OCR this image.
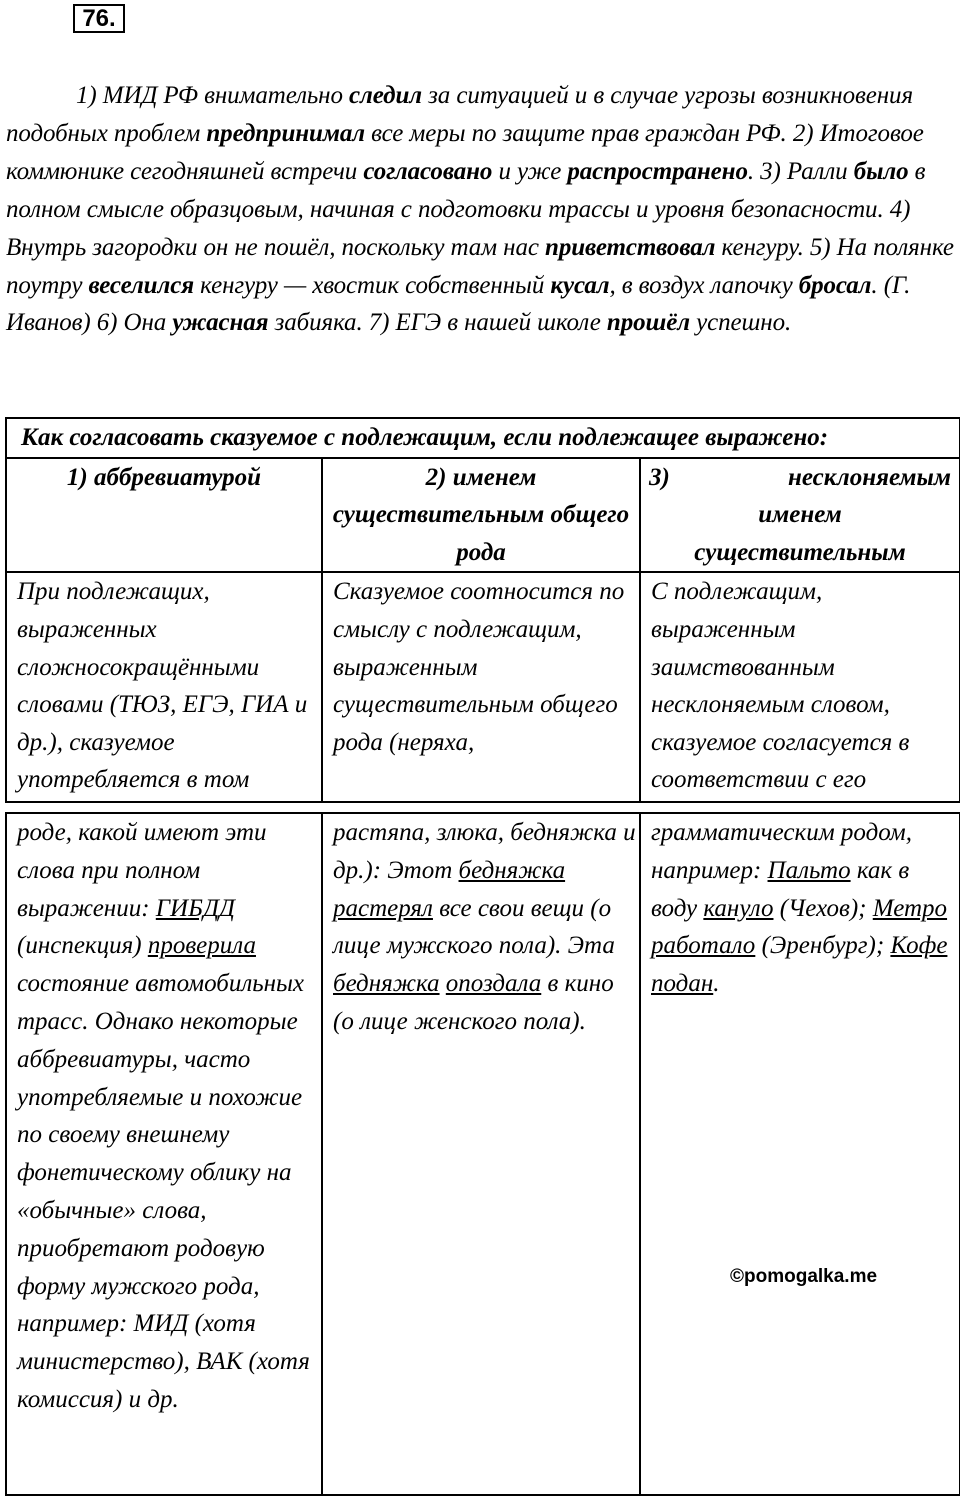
76.
1) МИД РФ внимательно следил за ситуацией и в случае угрозы возникновения подобных проблем предпринимал все меры по защите прав граждан РФ. 2) Итоговое коммюнике сегодняшней встречи согласовано и уже распространено. 3) Ралли было в полном смысле образцовым, начиная с подготовки трассы и уровня безопасности. 4) Внутрь загородки он не пошёл, поскольку там нас приветствовал кенгуру. 5) На полянке поутру веселился кенгуру — хвостик собственный кусал, в воздух лапочку бросал. (Г. Иванов) 6) Она ужасная забияка. 7) ЕГЭ в нашей школе прошёл успешно.
Как согласовать сказуемое с подлежащим, если подлежащее выражено:		
1) аббревиатурой	2) именем существительным общего рода	3) несклоняемым
именем
существительным
При подлежащих, выраженных сложносокращёнными словами (ТЮЗ, ЕГЭ, ГИА и др.), сказуемое употребляется в том	Сказуемое соотносится по смыслу с подлежащим, выраженным существительным общего рода (неряха,	С подлежащим, выраженным заимствованным несклоняемым словом, сказуемое согласуется в соответствии с его
роде, какой имеют эти слова при полном выражении: ГИБДД (инспекция) проверила состояние автомобильных трасс. Однако некоторые аббревиатуры, часто употребляемые и похожие по своему внешнему фонетическому облику на «обычные» слова, приобретают родовую форму мужского рода, например: МИД (хотя министерство), ВАК (хотя комиссия) и др.	растяпа, злюка, бедняжка и др.): Этот бедняжка растерял все свои вещи (о лице мужского пола). Эта бедняжка опоздала в кино (о лице женского пола).	грамматическим родом, например: Пальто как в воду кануло (Чехов); Метро работало (Эренбург); Кофе подан.
©pomogalka.me
